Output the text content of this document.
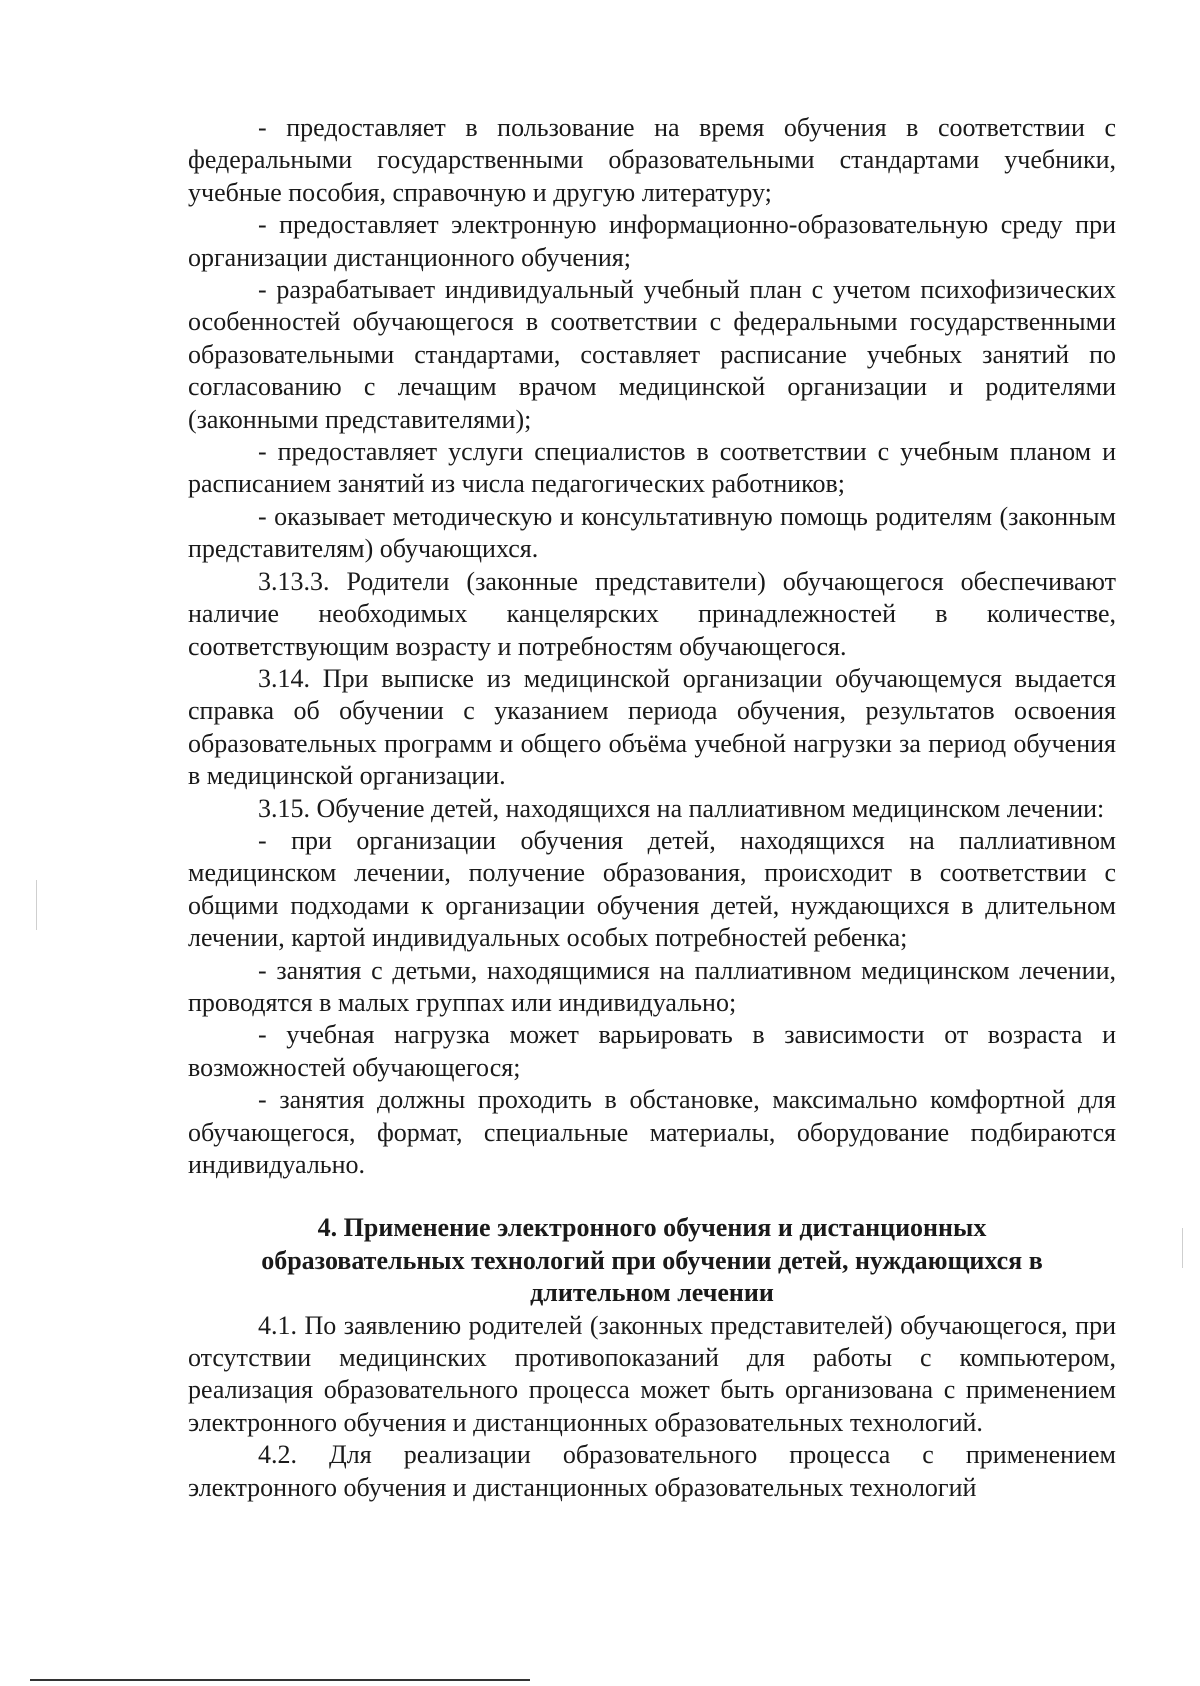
- предоставляет в пользование на время обучения в соответствии с федеральными государственными образовательными стандартами учебники, учебные пособия, справочную и другую литературу;

- предоставляет электронную информационно-образовательную среду при организации дистанционного обучения;

- разрабатывает индивидуальный учебный план с учетом психофизических особенностей обучающегося в соответствии с федеральными государственными образовательными стандартами, составляет расписание учебных занятий по согласованию с лечащим врачом медицинской организации и родителями (законными представителями);

- предоставляет услуги специалистов в соответствии с учебным планом и расписанием занятий из числа педагогических работников;

- оказывает методическую и консультативную помощь родителям (законным представителям) обучающихся.

3.13.3. Родители (законные представители) обучающегося обеспечивают наличие необходимых канцелярских принадлежностей в количестве, соответствующим возрасту и потребностям обучающегося.

3.14. При выписке из медицинской организации обучающемуся выдается справка об обучении с указанием периода обучения, результатов освоения образовательных программ и общего объёма учебной нагрузки за период обучения в медицинской организации.

3.15. Обучение детей, находящихся на паллиативном медицинском лечении:

- при организации обучения детей, находящихся на паллиативном медицинском лечении, получение образования, происходит в соответствии с общими подходами к организации обучения детей, нуждающихся в длительном лечении, картой индивидуальных особых потребностей ребенка;

- занятия с детьми, находящимися на паллиативном медицинском лечении, проводятся в малых группах или индивидуально;

- учебная нагрузка может варьировать в зависимости от возраста и возможностей обучающегося;

- занятия должны проходить в обстановке, максимально комфортной для обучающегося, формат, специальные материалы, оборудование подбираются индивидуально.

4. Применение электронного обучения и дистанционных
образовательных технологий при обучении детей, нуждающихся в
длительном лечении

4.1. По заявлению родителей (законных представителей) обучающегося, при отсутствии медицинских противопоказаний для работы с компьютером, реализация образовательного процесса может быть организована с применением электронного обучения и дистанционных образовательных технологий.

4.2. Для реализации образовательного процесса с применением электронного обучения и дистанционных образовательных технологий
